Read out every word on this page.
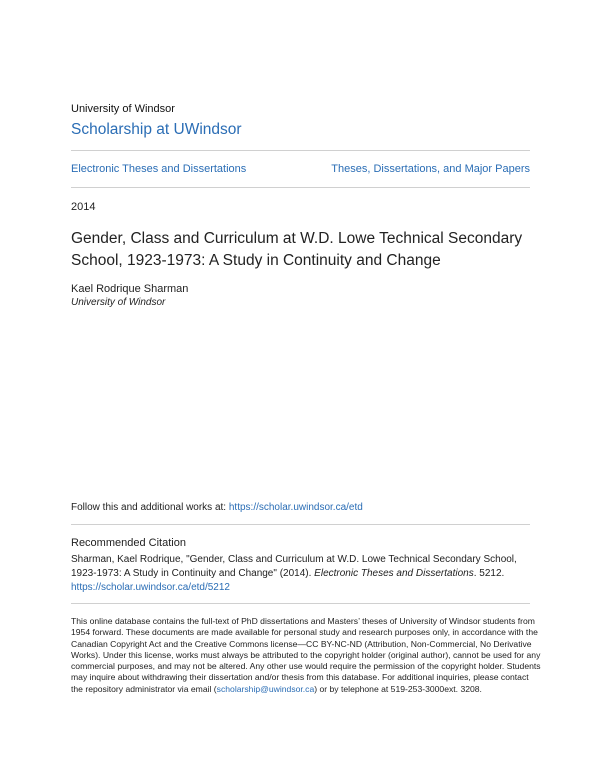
University of Windsor
Scholarship at UWindsor
Electronic Theses and Dissertations	Theses, Dissertations, and Major Papers
2014
Gender, Class and Curriculum at W.D. Lowe Technical Secondary School, 1923-1973: A Study in Continuity and Change
Kael Rodrique Sharman
University of Windsor
Follow this and additional works at: https://scholar.uwindsor.ca/etd
Recommended Citation
Sharman, Kael Rodrique, "Gender, Class and Curriculum at W.D. Lowe Technical Secondary School, 1923-1973: A Study in Continuity and Change" (2014). Electronic Theses and Dissertations. 5212.
https://scholar.uwindsor.ca/etd/5212
This online database contains the full-text of PhD dissertations and Masters’ theses of University of Windsor students from 1954 forward. These documents are made available for personal study and research purposes only, in accordance with the Canadian Copyright Act and the Creative Commons license—CC BY-NC-ND (Attribution, Non-Commercial, No Derivative Works). Under this license, works must always be attributed to the copyright holder (original author), cannot be used for any commercial purposes, and may not be altered. Any other use would require the permission of the copyright holder. Students may inquire about withdrawing their dissertation and/or thesis from this database. For additional inquiries, please contact the repository administrator via email (scholarship@uwindsor.ca) or by telephone at 519-253-3000ext. 3208.
